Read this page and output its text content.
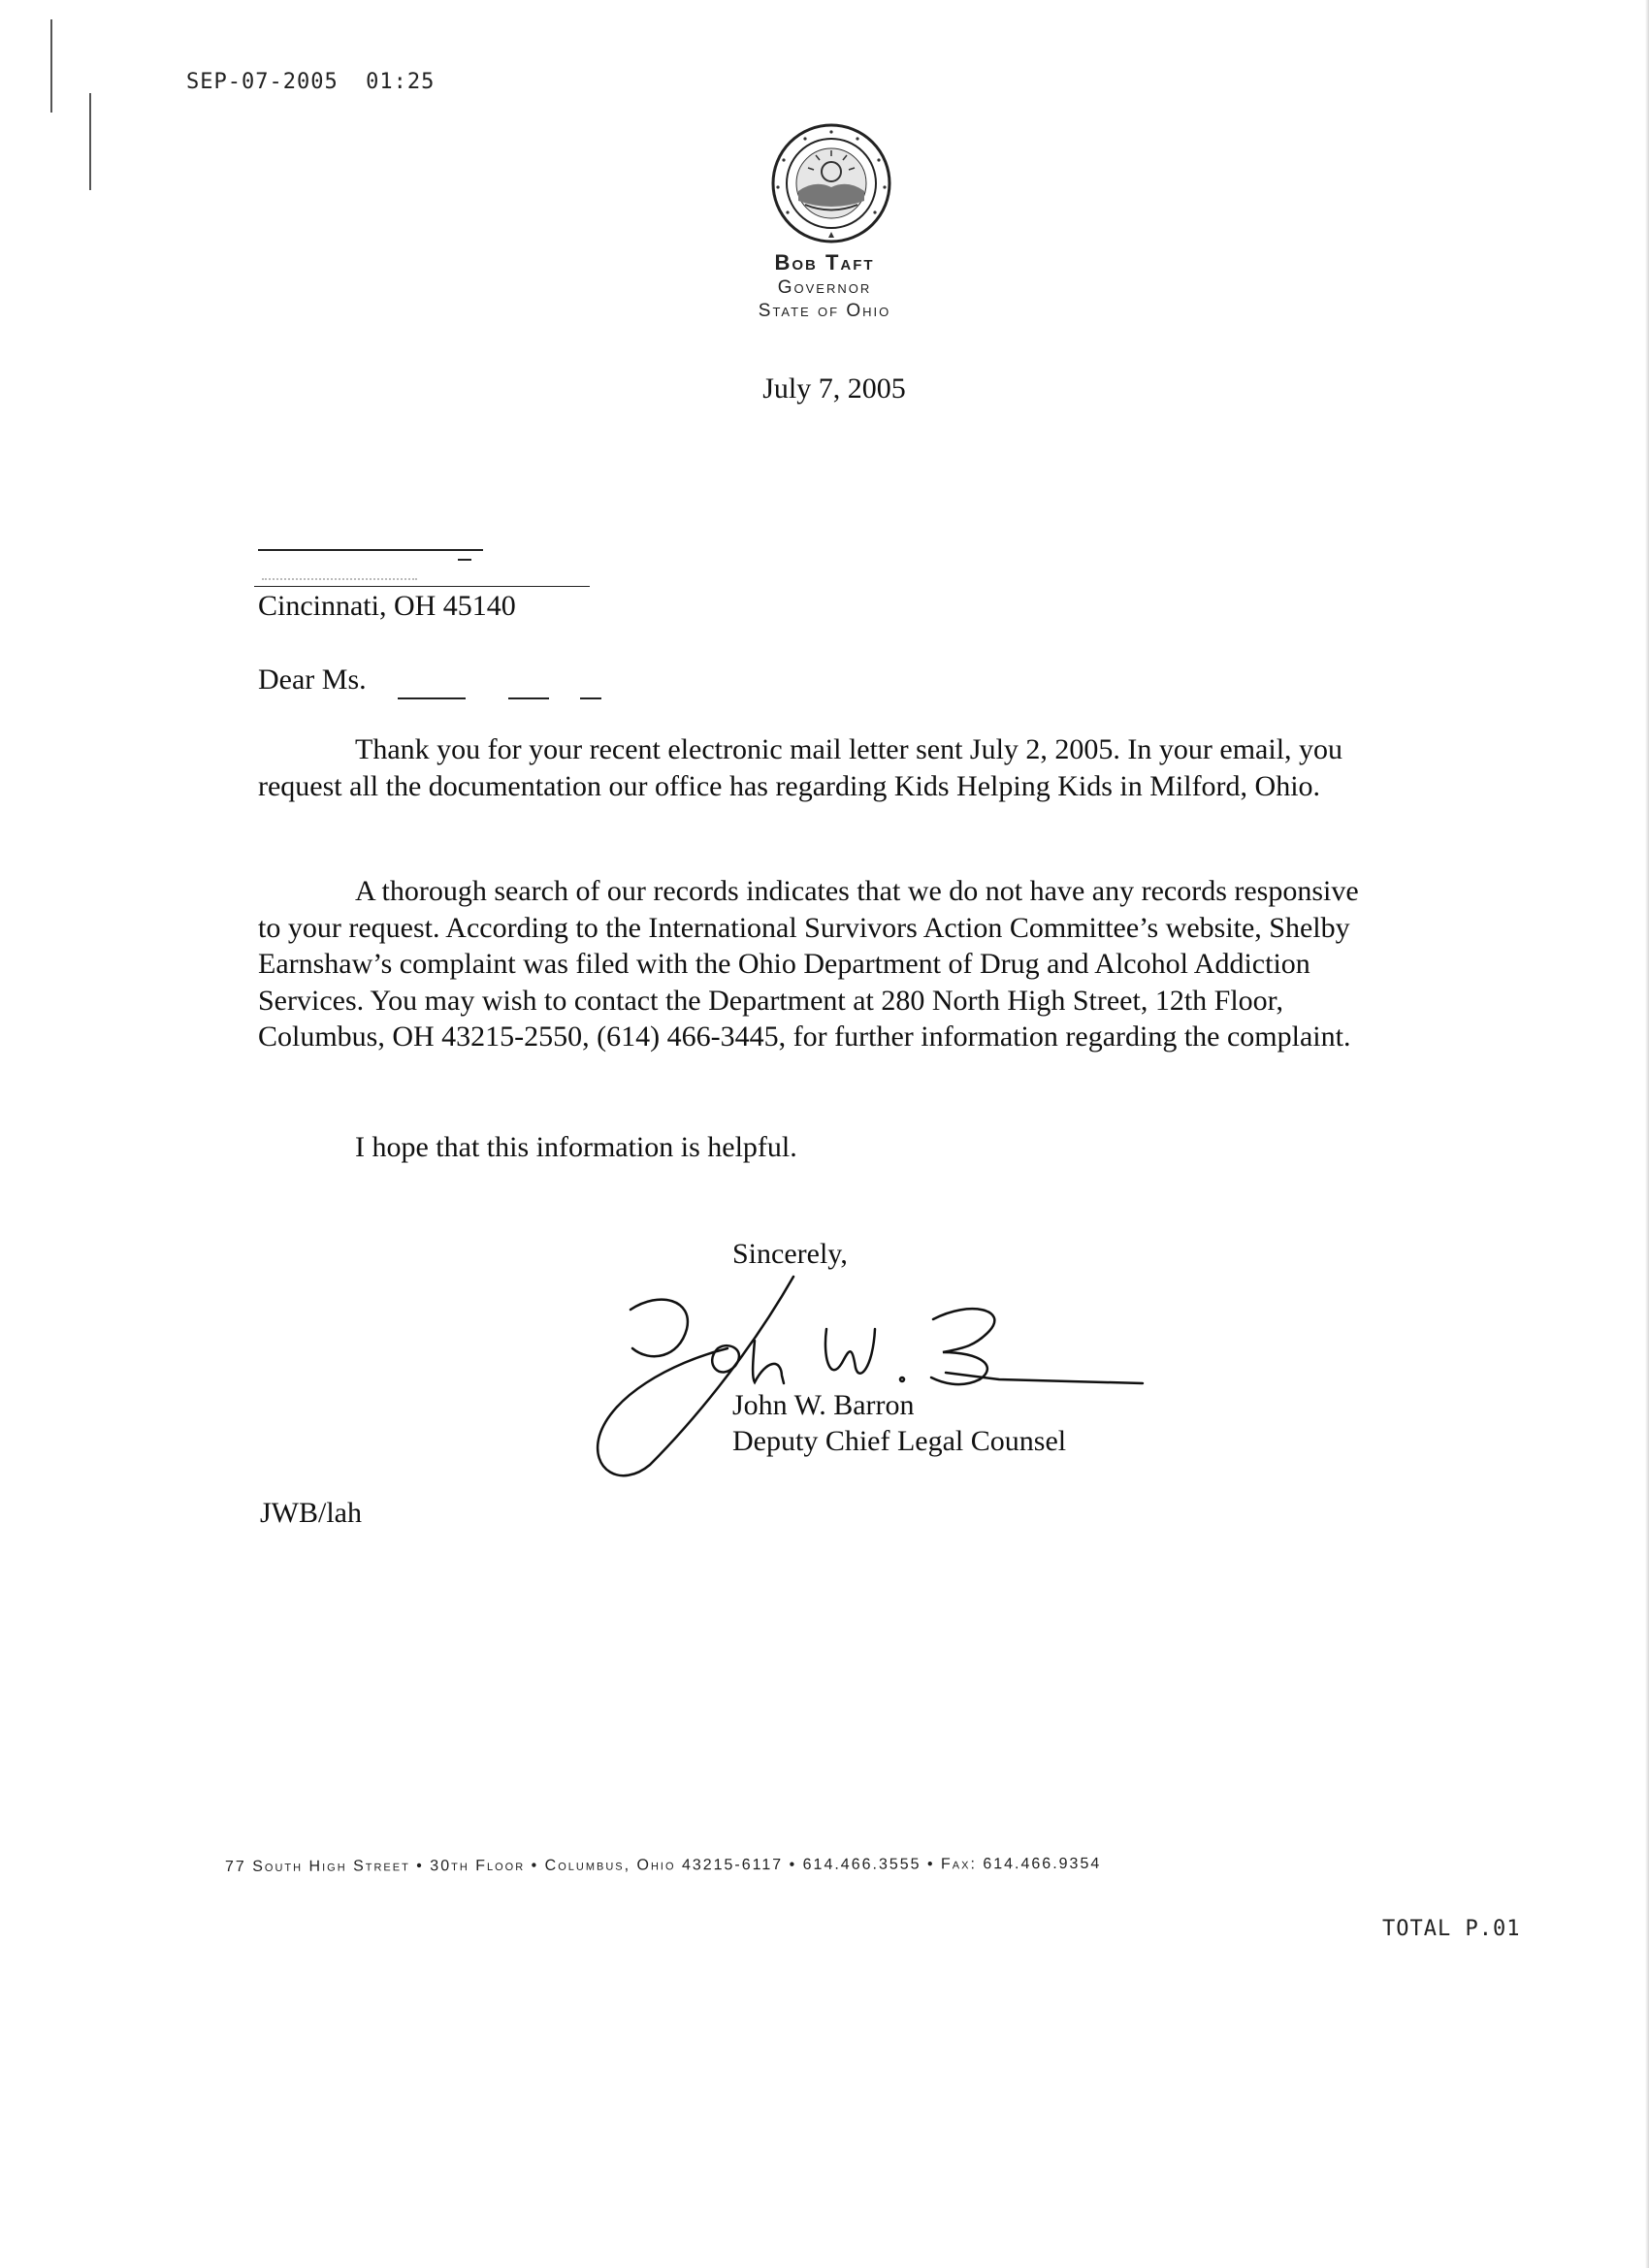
SEP-07-2005  01:25
Bob Taft
Governor
State of Ohio
July 7, 2005
Cincinnati, OH 45140
Dear Ms.

Thank you for your recent electronic mail letter sent July 2, 2005. In your email, you request all the documentation our office has regarding Kids Helping Kids in Milford, Ohio.

A thorough search of our records indicates that we do not have any records responsive to your request. According to the International Survivors Action Committee’s website, Shelby Earnshaw’s complaint was filed with the Ohio Department of Drug and Alcohol Addiction Services. You may wish to contact the Department at 280 North High Street, 12th Floor, Columbus, OH 43215-2550, (614) 466-3445, for further information regarding the complaint.

I hope that this information is helpful.

Sincerely,
John W. Barron
Deputy Chief Legal Counsel
JWB/lah
77 South High Street • 30th Floor • Columbus, Ohio 43215-6117 • 614.466.3555 • Fax: 614.466.9354
TOTAL P.01
